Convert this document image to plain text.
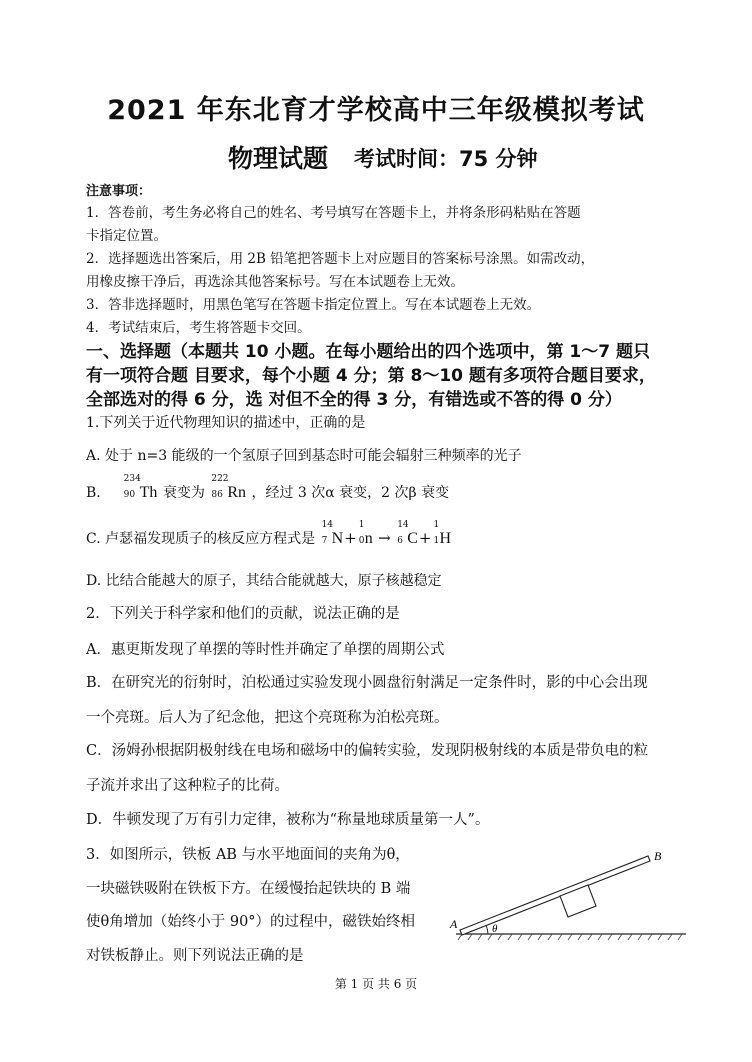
2021 年东北育才学校高中三年级模拟考试
物理试题 考试时间：75 分钟
注意事项：
1．答卷前，考生务必将自己的姓名、考号填写在答题卡上，并将条形码粘贴在答题
卡指定位置。
2．选择题选出答案后，用 2B 铅笔把答题卡上对应题目的答案标号涂黑。如需改动，
用橡皮擦干净后，再选涂其他答案标号。写在本试题卷上无效。
3．答非选择题时，用黑色笔写在答题卡指定位置上。写在本试题卷上无效。
4．考试结束后，考生将答题卡交回。
一、选择题（本题共 10 小题。在每小题给出的四个选项中，第 1～7 题只
有一项符合题 目要求，每个小题 4 分；第 8～10 题有多项符合题目要求，
全部选对的得 6 分，选 对但不全的得 3 分，有错选或不答的得 0 分）
1.下列关于近代物理知识的描述中，正确的是
A. 处于 n=3 能级的一个氢原子回到基态时可能会辐射三种频率的光子
B.
234
90 Th 衰变为
222
86 Rn ，经过 3 次α 衰变，2 次β 衰变
C. 卢瑟福发现质子的核反应方程式是
14
7 N+
1
0 n →
14
6 C+
1
1 H
D. 比结合能越大的原子，其结合能就越大，原子核越稳定
2．下列关于科学家和他们的贡献，说法正确的是
A．惠更斯发现了单摆的等时性并确定了单摆的周期公式
B．在研究光的衍射时，泊松通过实验发现小圆盘衍射满足一定条件时，影的中心会出现
一个亮斑。后人为了纪念他，把这个亮斑称为泊松亮斑。
C．汤姆孙根据阴极射线在电场和磁场中的偏转实验，发现阴极射线的本质是带负电的粒
子流并求出了这种粒子的比荷。
D．牛顿发现了万有引力定律，被称为“称量地球质量第一人”。
3．如图所示，铁板 AB 与水平地面间的夹角为θ，
一块磁铁吸附在铁板下方。在缓慢抬起铁块的 B 端
使θ角增加（始终小于 90°）的过程中，磁铁始终相
对铁板静止。则下列说法正确的是
A
B
θ
第 1 页 共 6 页
